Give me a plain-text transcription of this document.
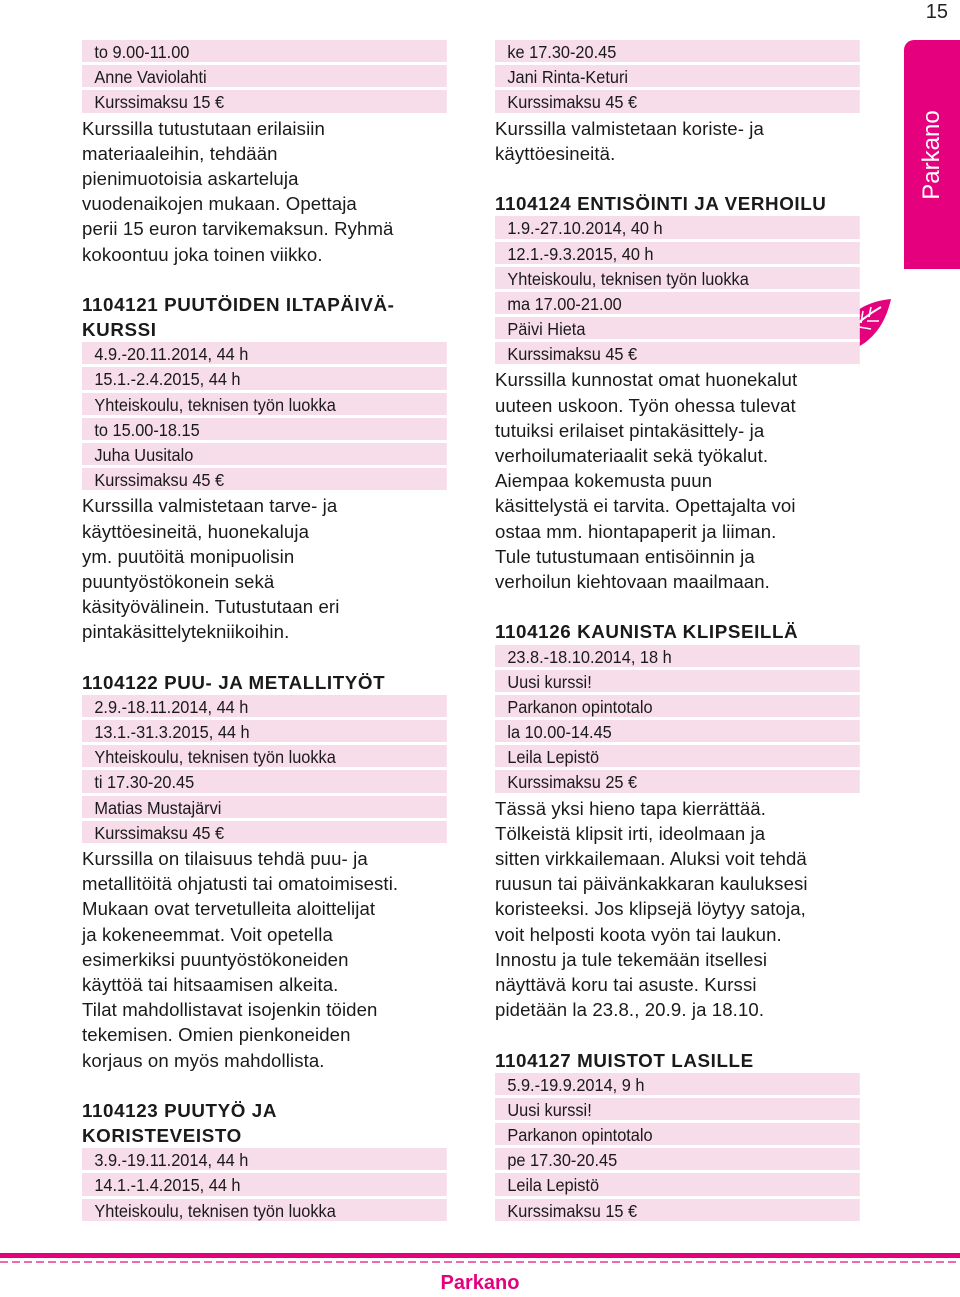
15
Parkano
to 9.00-11.00
Anne Vaviolahti
Kurssimaksu 15 €
Kurssilla tutustutaan erilaisiin
materiaaleihin, tehdään
pienimuotoisia askarteluja
vuodenaikojen mukaan. Opettaja
perii 15 euron tarvikemaksun. Ryhmä
kokoontuu joka toinen viikko.
1104121 PUUTÖIDEN ILTAPÄIVÄ-
KURSSI
4.9.-20.11.2014, 44 h
15.1.-2.4.2015, 44 h
Yhteiskoulu, teknisen työn luokka
to 15.00-18.15
Juha Uusitalo
Kurssimaksu 45 €
Kurssilla valmistetaan tarve- ja
käyttöesineitä, huonekaluja
ym. puutöitä monipuolisin
puuntyöstökonein sekä
käsityövälinein. Tutustutaan eri
pintakäsittelytekniikoihin.
1104122 PUU- JA METALLITYÖT
2.9.-18.11.2014, 44 h
13.1.-31.3.2015, 44 h
Yhteiskoulu, teknisen työn luokka
ti 17.30-20.45
Matias Mustajärvi
Kurssimaksu 45 €
Kurssilla on tilaisuus tehdä puu- ja
metallitöitä ohjatusti tai omatoimisesti.
Mukaan ovat tervetulleita aloittelijat
ja kokeneemmat. Voit opetella
esimerkiksi puuntyöstökoneiden
käyttöä tai hitsaamisen alkeita.
Tilat mahdollistavat isojenkin töiden
tekemisen. Omien pienkoneiden
korjaus on myös mahdollista.
1104123 PUUTYÖ JA
KORISTEVEISTO
3.9.-19.11.2014, 44 h
14.1.-1.4.2015, 44 h
Yhteiskoulu, teknisen työn luokka
ke 17.30-20.45
Jani Rinta-Keturi
Kurssimaksu 45 €
Kurssilla valmistetaan koriste- ja
käyttöesineitä.
1104124 ENTISÖINTI JA VERHOILU
1.9.-27.10.2014, 40 h
12.1.-9.3.2015, 40 h
Yhteiskoulu, teknisen työn luokka
ma 17.00-21.00
Päivi Hieta
Kurssimaksu 45 €
Kurssilla kunnostat omat huonekalut
uuteen uskoon. Työn ohessa tulevat
tutuiksi erilaiset pintakäsittely- ja
verhoilumateriaalit sekä työkalut.
Aiempaa kokemusta puun
käsittelystä ei tarvita. Opettajalta voi
ostaa mm. hiontapaperit ja liiman.
Tule tutustumaan entisöinnin ja
verhoilun kiehtovaan maailmaan.
1104126 KAUNISTA KLIPSEILLÄ
23.8.-18.10.2014, 18 h
Uusi kurssi!
Parkanon opintotalo
la 10.00-14.45
Leila Lepistö
Kurssimaksu 25 €
Tässä yksi hieno tapa kierrättää.
Tölkeistä klipsit irti, ideolmaan ja
sitten virkkailemaan. Aluksi voit tehdä
ruusun tai päivänkakkaran kauluksesi
koristeeksi. Jos klipsejä löytyy satoja,
voit helposti koota vyön tai laukun.
Innostu ja tule tekemään itsellesi
näyttävä koru tai asuste. Kurssi
pidetään la 23.8., 20.9. ja 18.10.
1104127 MUISTOT LASILLE
5.9.-19.9.2014, 9 h
Uusi kurssi!
Parkanon opintotalo
pe 17.30-20.45
Leila Lepistö
Kurssimaksu 15 €
Parkano
